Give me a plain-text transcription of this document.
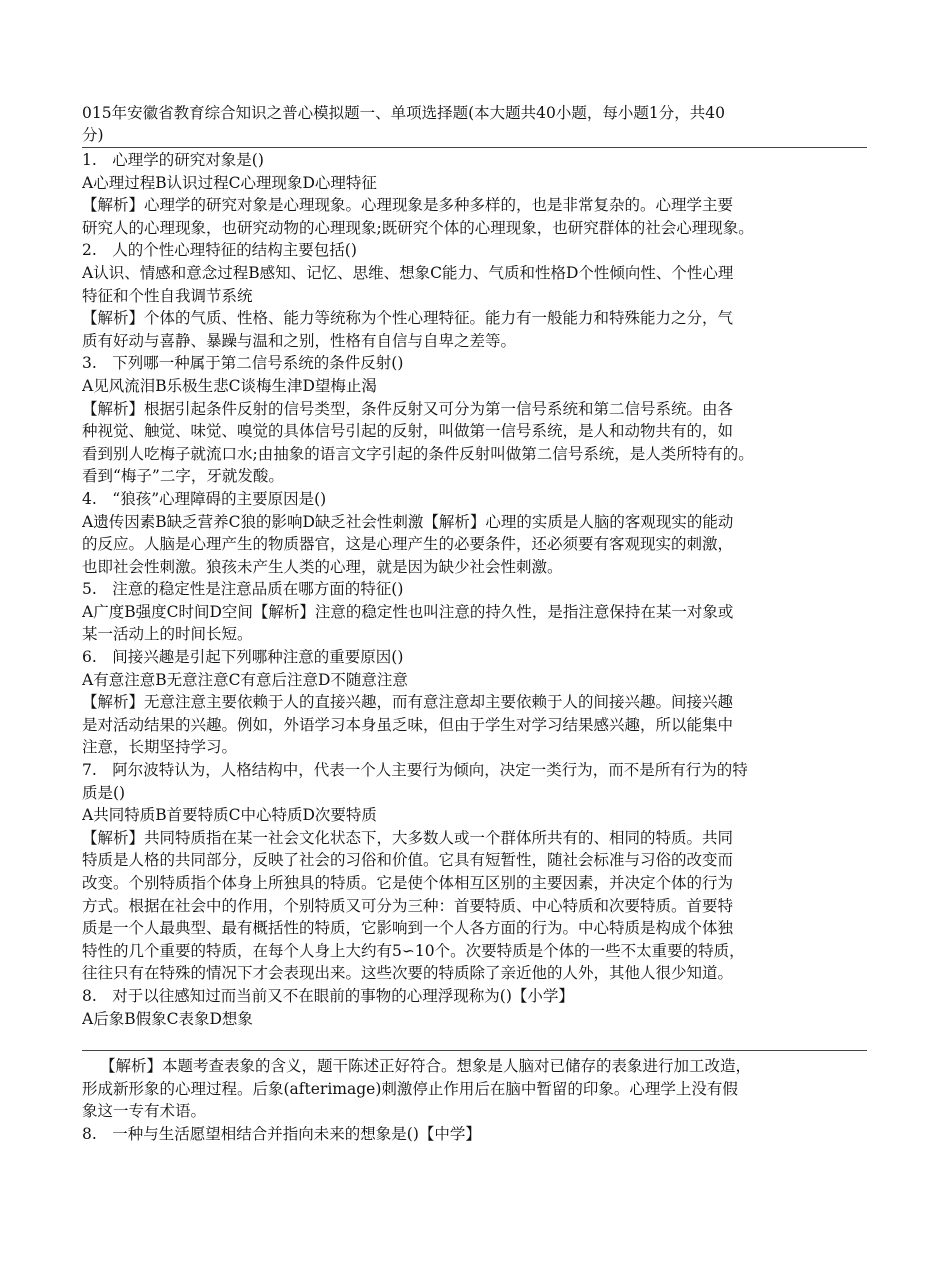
015年安徽省教育综合知识之普心模拟题一、单项选择题(本大题共40小题，每小题1分，共40
分)
1.　心理学的研究对象是()
A心理过程B认识过程C心理现象D心理特征
【解析】心理学的研究对象是心理现象。心理现象是多种多样的，也是非常复杂的。心理学主要
研究人的心理现象，也研究动物的心理现象;既研究个体的心理现象，也研究群体的社会心理现象。
2.　人的个性心理特征的结构主要包括()
A认识、情感和意念过程B感知、记忆、思维、想象C能力、气质和性格D个性倾向性、个性心理
特征和个性自我调节系统
【解析】个体的气质、性格、能力等统称为个性心理特征。能力有一般能力和特殊能力之分，气
质有好动与喜静、暴躁与温和之别，性格有自信与自卑之差等。
3.　下列哪一种属于第二信号系统的条件反射()
A见风流泪B乐极生悲C谈梅生津D望梅止渴
【解析】根据引起条件反射的信号类型，条件反射又可分为第一信号系统和第二信号系统。由各
种视觉、触觉、味觉、嗅觉的具体信号引起的反射，叫做第一信号系统，是人和动物共有的，如
看到别人吃梅子就流口水;由抽象的语言文字引起的条件反射叫做第二信号系统，是人类所特有的。
看到“梅子”二字，牙就发酸。
4.　“狼孩”心理障碍的主要原因是()
A遗传因素B缺乏营养C狼的影响D缺乏社会性刺激【解析】心理的实质是人脑的客观现实的能动
的反应。人脑是心理产生的物质器官，这是心理产生的必要条件，还必须要有客观现实的刺激，
也即社会性刺激。狼孩未产生人类的心理，就是因为缺少社会性刺激。
5.　注意的稳定性是注意品质在哪方面的特征()
A广度B强度C时间D空间【解析】注意的稳定性也叫注意的持久性，是指注意保持在某一对象或
某一活动上的时间长短。
6.　间接兴趣是引起下列哪种注意的重要原因()
A有意注意B无意注意C有意后注意D不随意注意
【解析】无意注意主要依赖于人的直接兴趣，而有意注意却主要依赖于人的间接兴趣。间接兴趣
是对活动结果的兴趣。例如，外语学习本身虽乏味，但由于学生对学习结果感兴趣，所以能集中
注意，长期坚持学习。
7.　阿尔波特认为，人格结构中，代表一个人主要行为倾向，决定一类行为，而不是所有行为的特
质是()
A共同特质B首要特质C中心特质D次要特质
【解析】共同特质指在某一社会文化状态下，大多数人或一个群体所共有的、相同的特质。共同
特质是人格的共同部分，反映了社会的习俗和价值。它具有短暂性，随社会标准与习俗的改变而
改变。个别特质指个体身上所独具的特质。它是使个体相互区别的主要因素，并决定个体的行为
方式。根据在社会中的作用，个别特质又可分为三种：首要特质、中心特质和次要特质。首要特
质是一个人最典型、最有概括性的特质，它影响到一个人各方面的行为。中心特质是构成个体独
特性的几个重要的特质，在每个人身上大约有5∽10个。次要特质是个体的一些不太重要的特质，
往往只有在特殊的情况下才会表现出来。这些次要的特质除了亲近他的人外，其他人很少知道。
8.　对于以往感知过而当前又不在眼前的事物的心理浮现称为()【小学】
A后象B假象C表象D想象
【解析】本题考查表象的含义，题干陈述正好符合。想象是人脑对已储存的表象进行加工改造，
形成新形象的心理过程。后象(afterimage)刺激停止作用后在脑中暂留的印象。心理学上没有假
象这一专有术语。
8.　一种与生活愿望相结合并指向未来的想象是()【中学】
